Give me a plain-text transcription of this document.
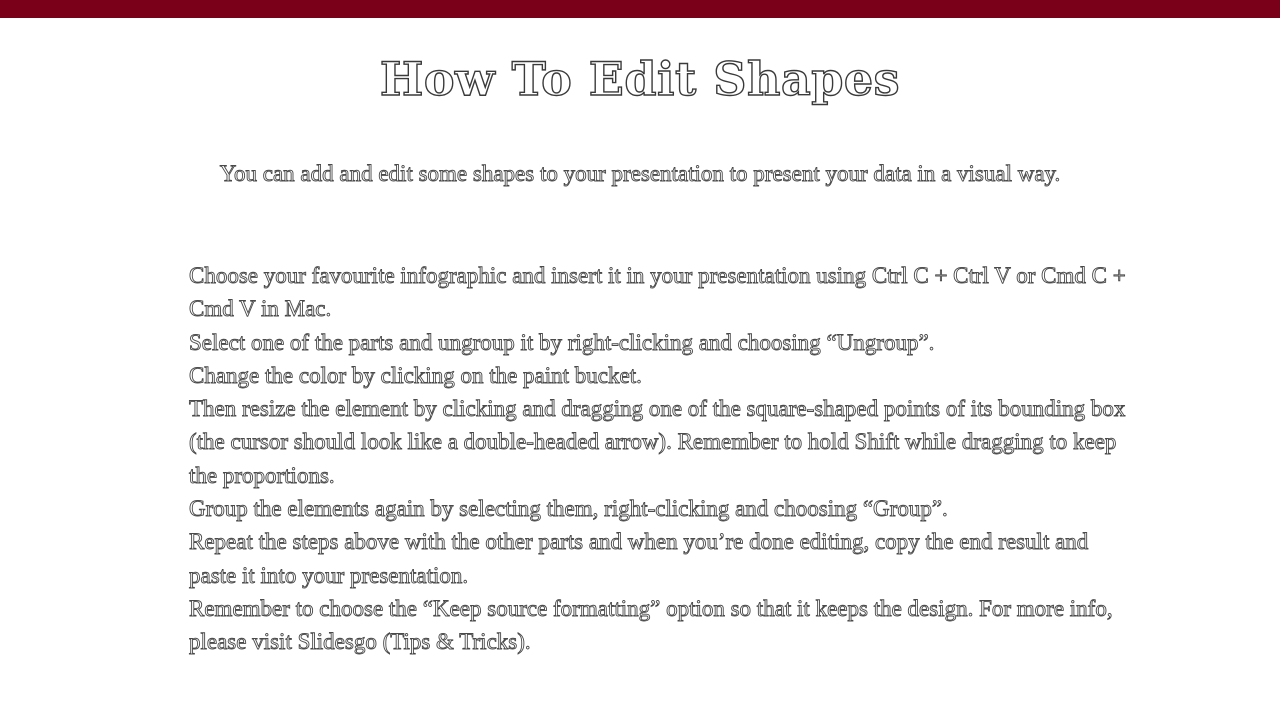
How To Edit Shapes

You can add and edit some shapes to your presentation to present your data in a visual way.

Choose your favourite infographic and insert it in your presentation using Ctrl C + Ctrl V or Cmd C + Cmd V in Mac.
Select one of the parts and ungroup it by right-clicking and choosing “Ungroup”.
Change the color by clicking on the paint bucket.
Then resize the element by clicking and dragging one of the square-shaped points of its bounding box (the cursor should look like a double-headed arrow). Remember to hold Shift while dragging to keep the proportions.
Group the elements again by selecting them, right-clicking and choosing “Group”.
Repeat the steps above with the other parts and when you’re done editing, copy the end result and paste it into your presentation.
Remember to choose the “Keep source formatting” option so that it keeps the design. For more info, please visit Slidesgo (Tips & Tricks).
